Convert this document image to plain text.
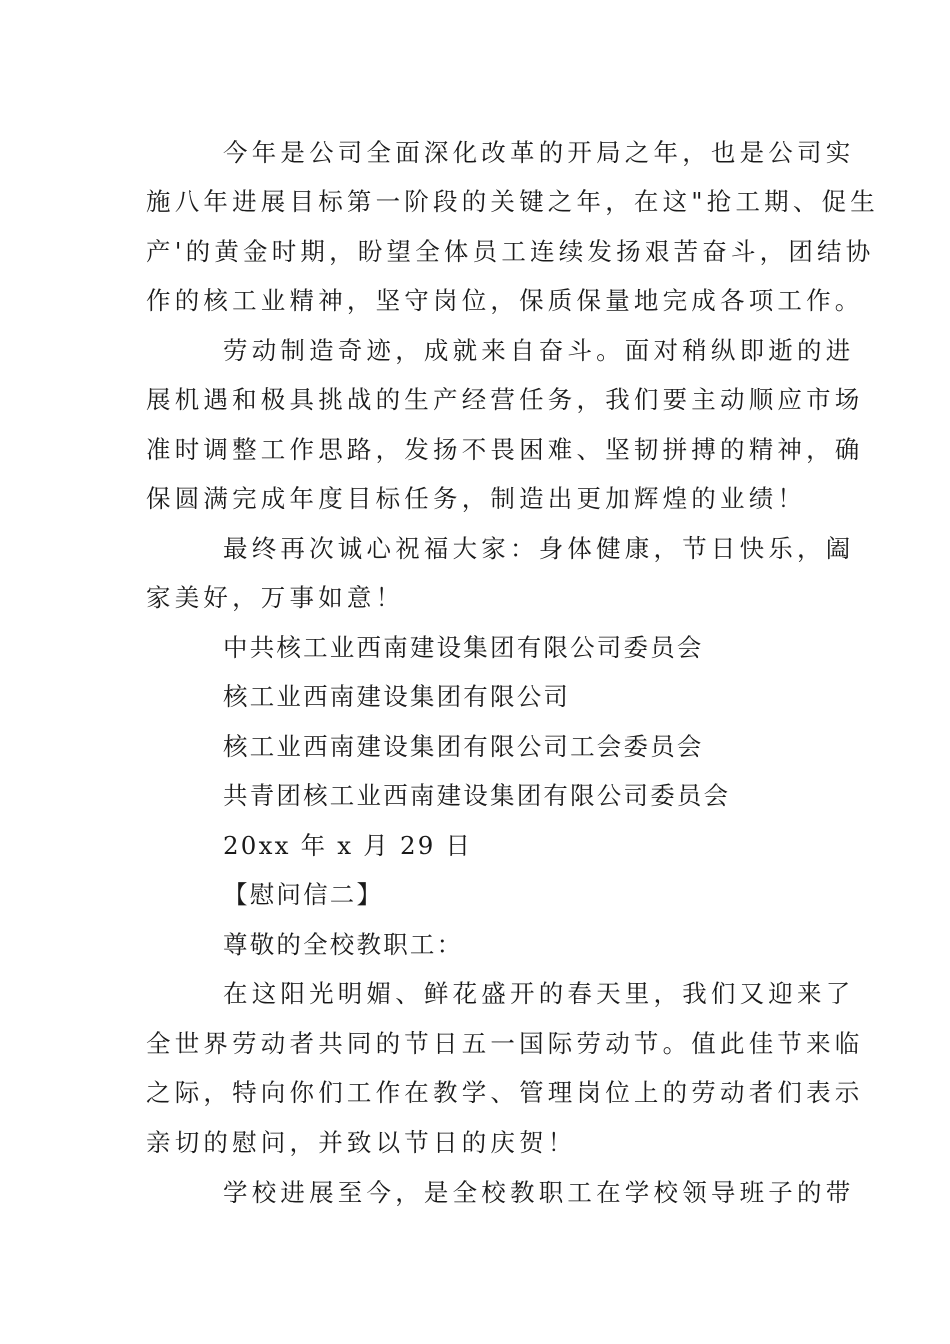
今年是公司全面深化改革的开局之年，也是公司实
施八年进展目标第一阶段的关键之年，在这"抢工期、促生
产'的黄金时期，盼望全体员工连续发扬艰苦奋斗，团结协
作的核工业精神，坚守岗位，保质保量地完成各项工作。
劳动制造奇迹，成就来自奋斗。面对稍纵即逝的进
展机遇和极具挑战的生产经营任务，我们要主动顺应市场
准时调整工作思路，发扬不畏困难、坚韧拼搏的精神，确
保圆满完成年度目标任务，制造出更加辉煌的业绩！
最终再次诚心祝福大家：身体健康，节日快乐，阖
家美好，万事如意！
中共核工业西南建设集团有限公司委员会
核工业西南建设集团有限公司
核工业西南建设集团有限公司工会委员会
共青团核工业西南建设集团有限公司委员会
20xx 年 x 月 29 日
【慰问信二】
尊敬的全校教职工：
在这阳光明媚、鲜花盛开的春天里，我们又迎来了
全世界劳动者共同的节日五一国际劳动节。值此佳节来临
之际，特向你们工作在教学、管理岗位上的劳动者们表示
亲切的慰问，并致以节日的庆贺！
学校进展至今，是全校教职工在学校领导班子的带
